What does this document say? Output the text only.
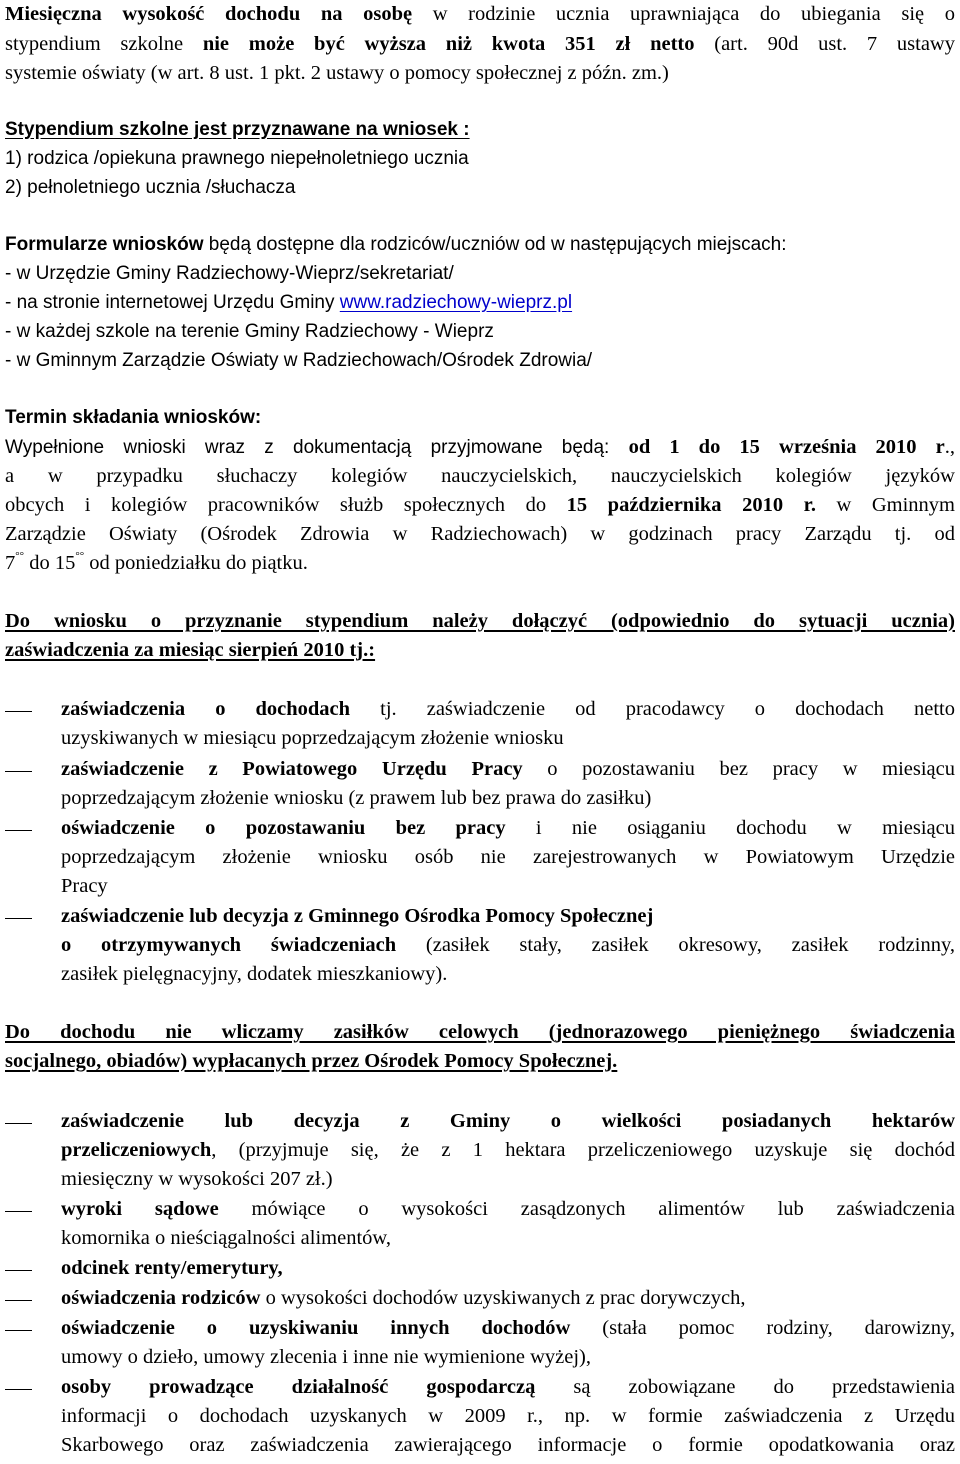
Miesięczna wysokość dochodu na osobę w rodzinie ucznia uprawniająca do ubiegania się o
stypendium szkolne nie może być wyższa niż kwota 351 zł netto (art. 90d ust. 7 ustawy
systemie oświaty (w art. 8 ust. 1 pkt. 2 ustawy o pomocy społecznej z późn. zm.)
Stypendium szkolne jest przyznawane na wniosek :
1) rodzica /opiekuna prawnego niepełnoletniego ucznia
2) pełnoletniego ucznia /słuchacza
Formularze wniosków będą dostępne dla rodziców/uczniów od w następujących miejscach:
- w Urzędzie Gminy Radziechowy-Wieprz/sekretariat/
- na stronie internetowej Urzędu Gminy www.radziechowy-wieprz.pl
- w każdej szkole na terenie Gminy Radziechowy - Wieprz
- w Gminnym Zarządzie Oświaty w Radziechowach/Ośrodek Zdrowia/
Termin składania wniosków:
Wypełnione wnioski wraz z dokumentacją przyjmowane będą: od 1 do 15 września 2010 r.,
a w przypadku słuchaczy kolegiów nauczycielskich, nauczycielskich kolegiów języków
obcych i kolegiów pracowników służb społecznych do 15 października 2010 r. w Gminnym
Zarządzie Oświaty (Ośrodek Zdrowia w Radziechowach) w godzinach pracy Zarządu tj. od
7°° do 15°° od poniedziałku do piątku.
Do wniosku o przyznanie stypendium należy dołączyć (odpowiednio do sytuacji ucznia)
zaświadczenia za miesiąc sierpień 2010 tj.:
zaświadczenia o dochodach tj. zaświadczenie od pracodawcy o dochodach netto
uzyskiwanych w miesiącu poprzedzającym złożenie wniosku
zaświadczenie z Powiatowego Urzędu Pracy o pozostawaniu bez pracy w miesiącu
poprzedzającym złożenie wniosku (z prawem lub bez prawa do zasiłku)
oświadczenie o pozostawaniu bez pracy i nie osiąganiu dochodu w miesiącu
poprzedzającym złożenie wniosku osób nie zarejestrowanych w Powiatowym Urzędzie
Pracy
zaświadczenie lub decyzja z Gminnego Ośrodka Pomocy Społecznej
o otrzymywanych świadczeniach (zasiłek stały, zasiłek okresowy, zasiłek rodzinny,
zasiłek pielęgnacyjny, dodatek mieszkaniowy).
Do dochodu nie wliczamy zasiłków celowych (jednorazowego pieniężnego świadczenia
socjalnego, obiadów) wypłacanych przez Ośrodek Pomocy Społecznej.
zaświadczenie lub decyzja z Gminy o wielkości posiadanych hektarów
przeliczeniowych, (przyjmuje się, że z 1 hektara przeliczeniowego uzyskuje się dochód
miesięczny w wysokości 207 zł.)
wyroki sądowe mówiące o wysokości zasądzonych alimentów lub zaświadczenia
komornika o nieściągalności alimentów,
odcinek renty/emerytury,
oświadczenia rodziców o wysokości dochodów uzyskiwanych z prac dorywczych,
oświadczenie o uzyskiwaniu innych dochodów (stała pomoc rodziny, darowizny,
umowy o dzieło, umowy zlecenia i inne nie wymienione wyżej),
osoby prowadzące działalność gospodarczą są zobowiązane do przedstawienia
informacji o dochodach uzyskanych w 2009 r., np. w formie zaświadczenia z Urzędu
Skarbowego oraz zaświadczenia zawierającego informacje o formie opodatkowania oraz
